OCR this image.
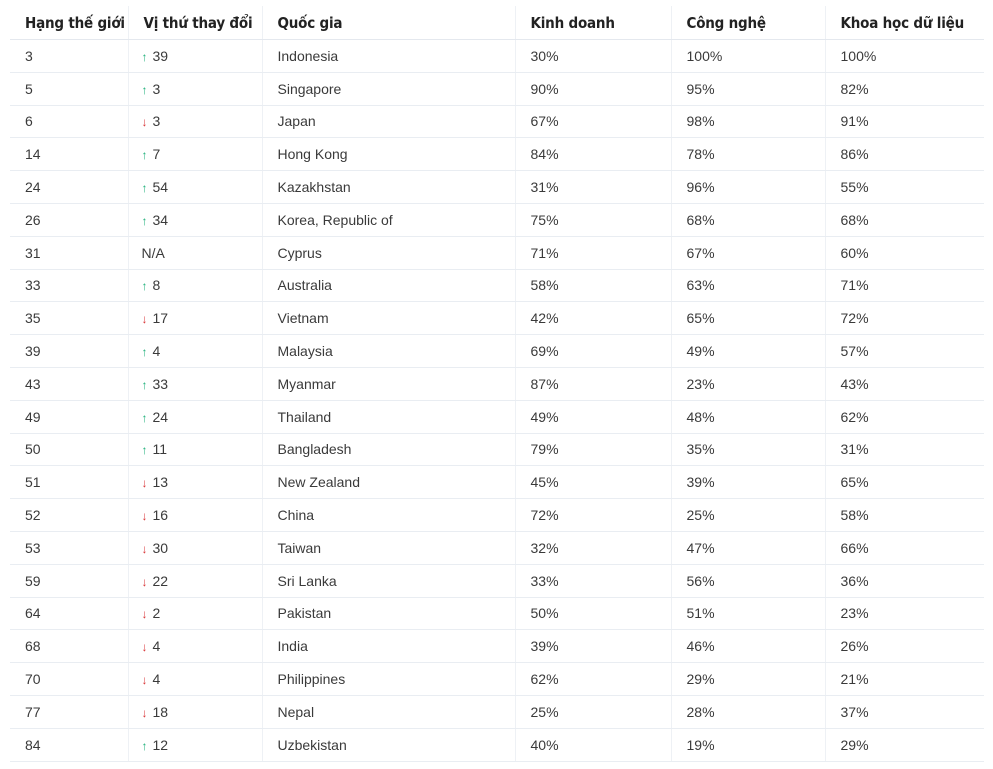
Hạng thế giới	Vị thứ thay đổi	Quốc gia	Kinh doanh	Công nghệ	Khoa học dữ liệu
3	↑ 39	Indonesia	30%	100%	100%
5	↑ 3	Singapore	90%	95%	82%
6	↓ 3	Japan	67%	98%	91%
14	↑ 7	Hong Kong	84%	78%	86%
24	↑ 54	Kazakhstan	31%	96%	55%
26	↑ 34	Korea, Republic of	75%	68%	68%
31	N/A	Cyprus	71%	67%	60%
33	↑ 8	Australia	58%	63%	71%
35	↓ 17	Vietnam	42%	65%	72%
39	↑ 4	Malaysia	69%	49%	57%
43	↑ 33	Myanmar	87%	23%	43%
49	↑ 24	Thailand	49%	48%	62%
50	↑ 11	Bangladesh	79%	35%	31%
51	↓ 13	New Zealand	45%	39%	65%
52	↓ 16	China	72%	25%	58%
53	↓ 30	Taiwan	32%	47%	66%
59	↓ 22	Sri Lanka	33%	56%	36%
64	↓ 2	Pakistan	50%	51%	23%
68	↓ 4	India	39%	46%	26%
70	↓ 4	Philippines	62%	29%	21%
77	↓ 18	Nepal	25%	28%	37%
84	↑ 12	Uzbekistan	40%	19%	29%
